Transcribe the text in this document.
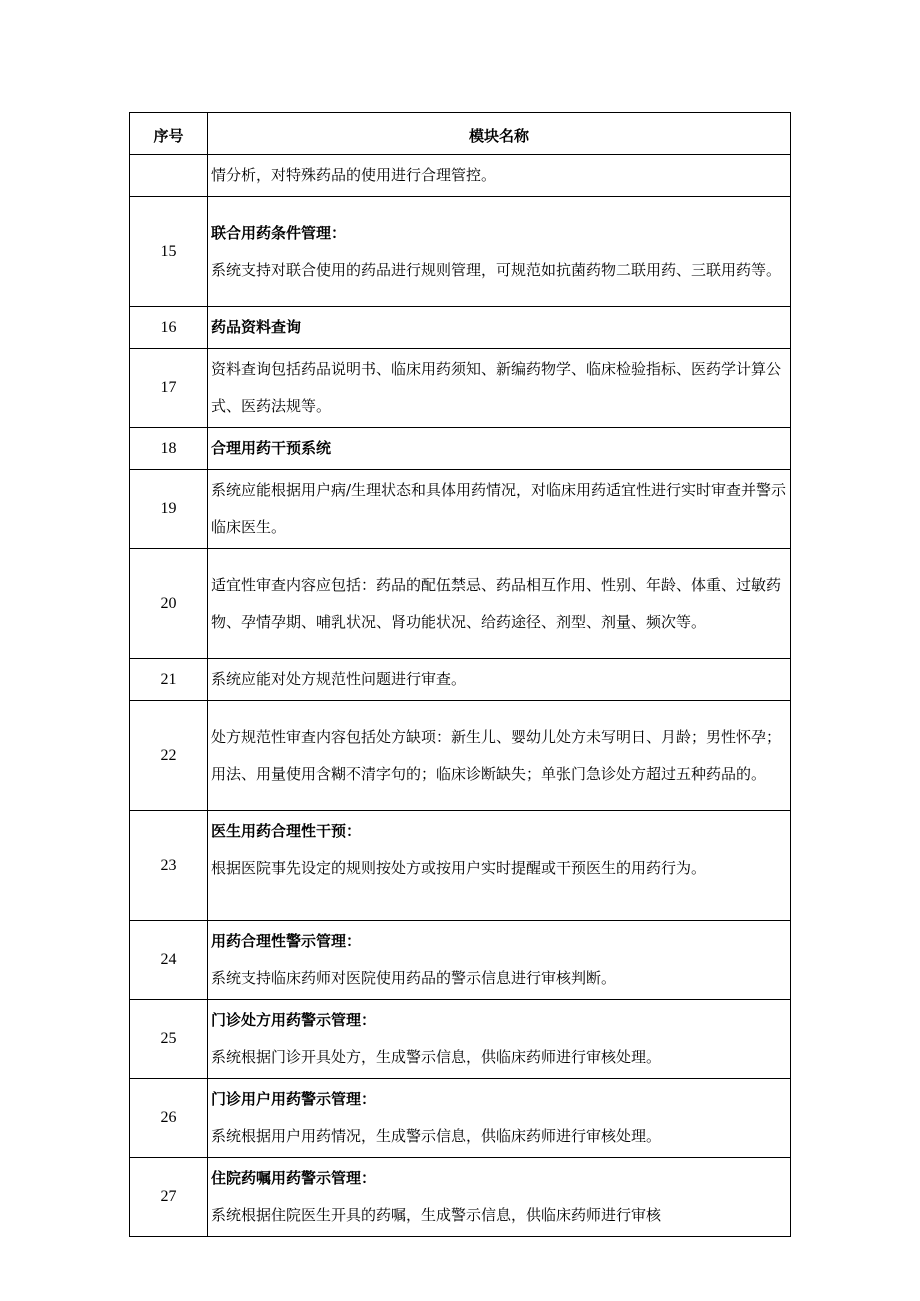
序号	模块名称

	情分析，对特殊药品的使用进行合理管控。

15	联合用药条件管理：
系统支持对联合使用的药品进行规则管理，可规范如抗菌药物二联用药、三联用药等。

16	药品资料查询

17	资料查询包括药品说明书、临床用药须知、新编药物学、临床检验指标、医药学计算公式、医药法规等。

18	合理用药干预系统

19	系统应能根据用户病/生理状态和具体用药情况，对临床用药适宜性进行实时审查并警示临床医生。

20	适宜性审查内容应包括：药品的配伍禁忌、药品相互作用、性别、年龄、体重、过敏药物、孕情孕期、哺乳状况、肾功能状况、给药途径、剂型、剂量、频次等。

21	系统应能对处方规范性问题进行审查。

22	处方规范性审查内容包括处方缺项：新生儿、婴幼儿处方未写明日、月龄；男性怀孕；用法、用量使用含糊不清字句的；临床诊断缺失；单张门急诊处方超过五种药品的。

23	医生用药合理性干预：
根据医院事先设定的规则按处方或按用户实时提醒或干预医生的用药行为。

24	用药合理性警示管理：
系统支持临床药师对医院使用药品的警示信息进行审核判断。

25	门诊处方用药警示管理：
系统根据门诊开具处方，生成警示信息，供临床药师进行审核处理。

26	门诊用户用药警示管理：
系统根据用户用药情况，生成警示信息，供临床药师进行审核处理。

27	住院药嘱用药警示管理：
系统根据住院医生开具的药嘱，生成警示信息，供临床药师进行审核
